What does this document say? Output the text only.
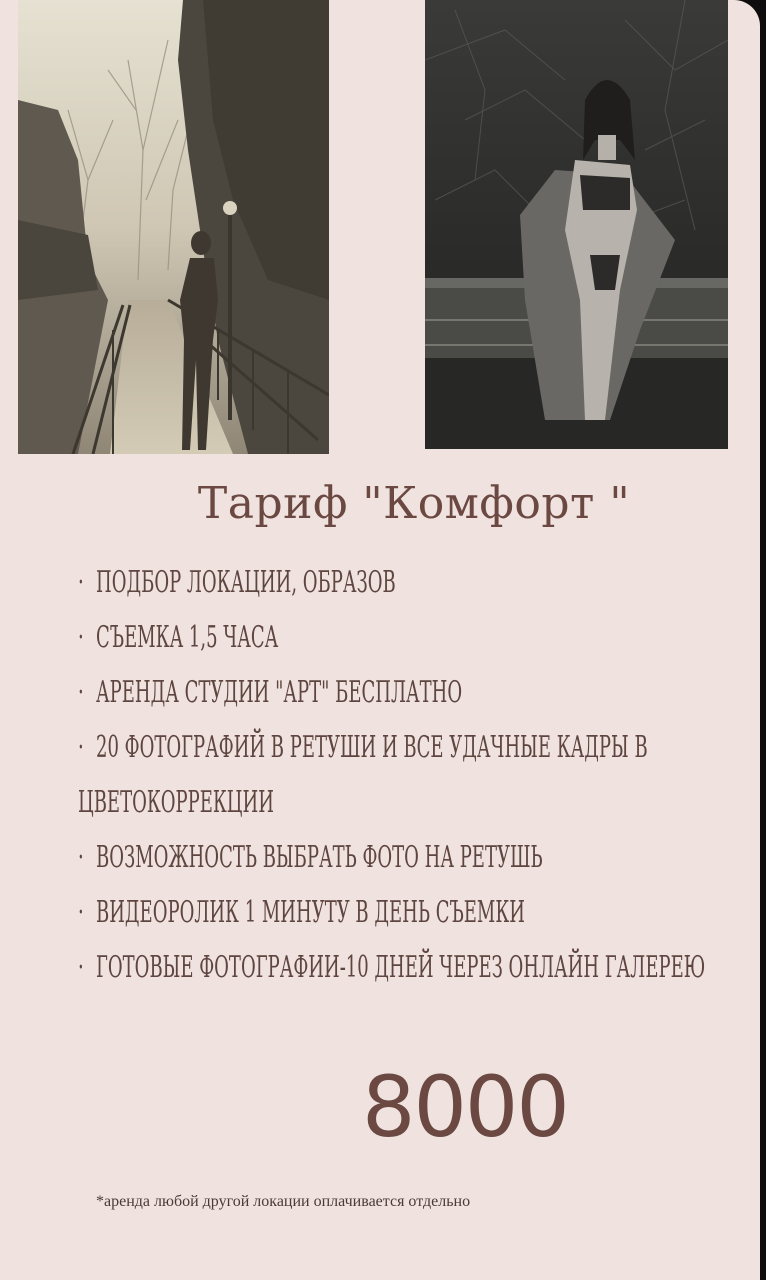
Тариф "Комфорт "
· ПОДБОР ЛОКАЦИИ, ОБРАЗОВ
· СЪЕМКА 1,5 ЧАСА
· АРЕНДА СТУДИИ "АРТ" БЕСПЛАТНО
· 20 ФОТОГРАФИЙ В РЕТУШИ И ВСЕ УДАЧНЫЕ КАДРЫ В ЦВЕТОКОРРЕКЦИИ
· ВОЗМОЖНОСТЬ ВЫБРАТЬ ФОТО НА РЕТУШЬ
· ВИДЕОРОЛИК 1 МИНУТУ В ДЕНЬ СЪЕМКИ
· ГОТОВЫЕ ФОТОГРАФИИ-10 ДНЕЙ ЧЕРЕЗ ОНЛАЙН ГАЛЕРЕЮ
8000
*аренда любой другой локации оплачивается отдельно
